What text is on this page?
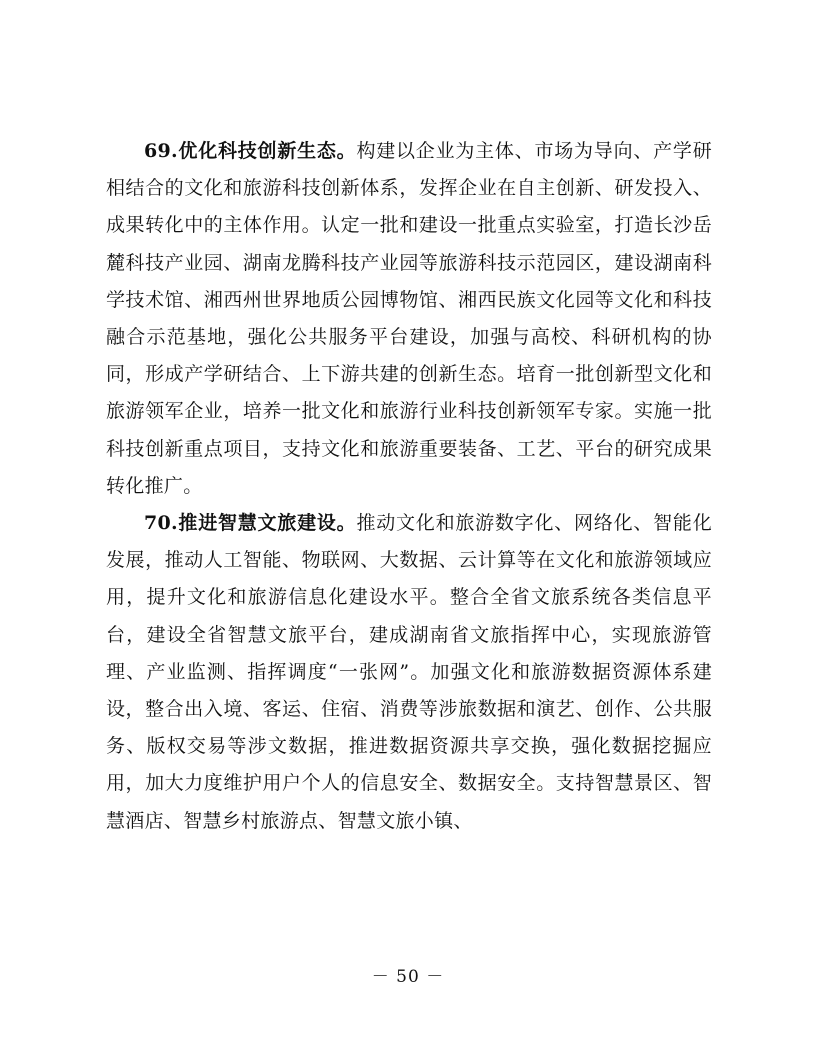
69.优化科技创新生态。构建以企业为主体、市场为导向、产学研相结合的文化和旅游科技创新体系，发挥企业在自主创新、研发投入、成果转化中的主体作用。认定一批和建设一批重点实验室，打造长沙岳麓科技产业园、湖南龙腾科技产业园等旅游科技示范园区，建设湖南科学技术馆、湘西州世界地质公园博物馆、湘西民族文化园等文化和科技融合示范基地，强化公共服务平台建设，加强与高校、科研机构的协同，形成产学研结合、上下游共建的创新生态。培育一批创新型文化和旅游领军企业，培养一批文化和旅游行业科技创新领军专家。实施一批科技创新重点项目，支持文化和旅游重要装备、工艺、平台的研究成果转化推广。

70.推进智慧文旅建设。推动文化和旅游数字化、网络化、智能化发展，推动人工智能、物联网、大数据、云计算等在文化和旅游领域应用，提升文化和旅游信息化建设水平。整合全省文旅系统各类信息平台，建设全省智慧文旅平台，建成湖南省文旅指挥中心，实现旅游管理、产业监测、指挥调度“一张网”。加强文化和旅游数据资源体系建设，整合出入境、客运、住宿、消费等涉旅数据和演艺、创作、公共服务、版权交易等涉文数据，推进数据资源共享交换，强化数据挖掘应用，加大力度维护用户个人的信息安全、数据安全。支持智慧景区、智慧酒店、智慧乡村旅游点、智慧文旅小镇、

－ 50 －
